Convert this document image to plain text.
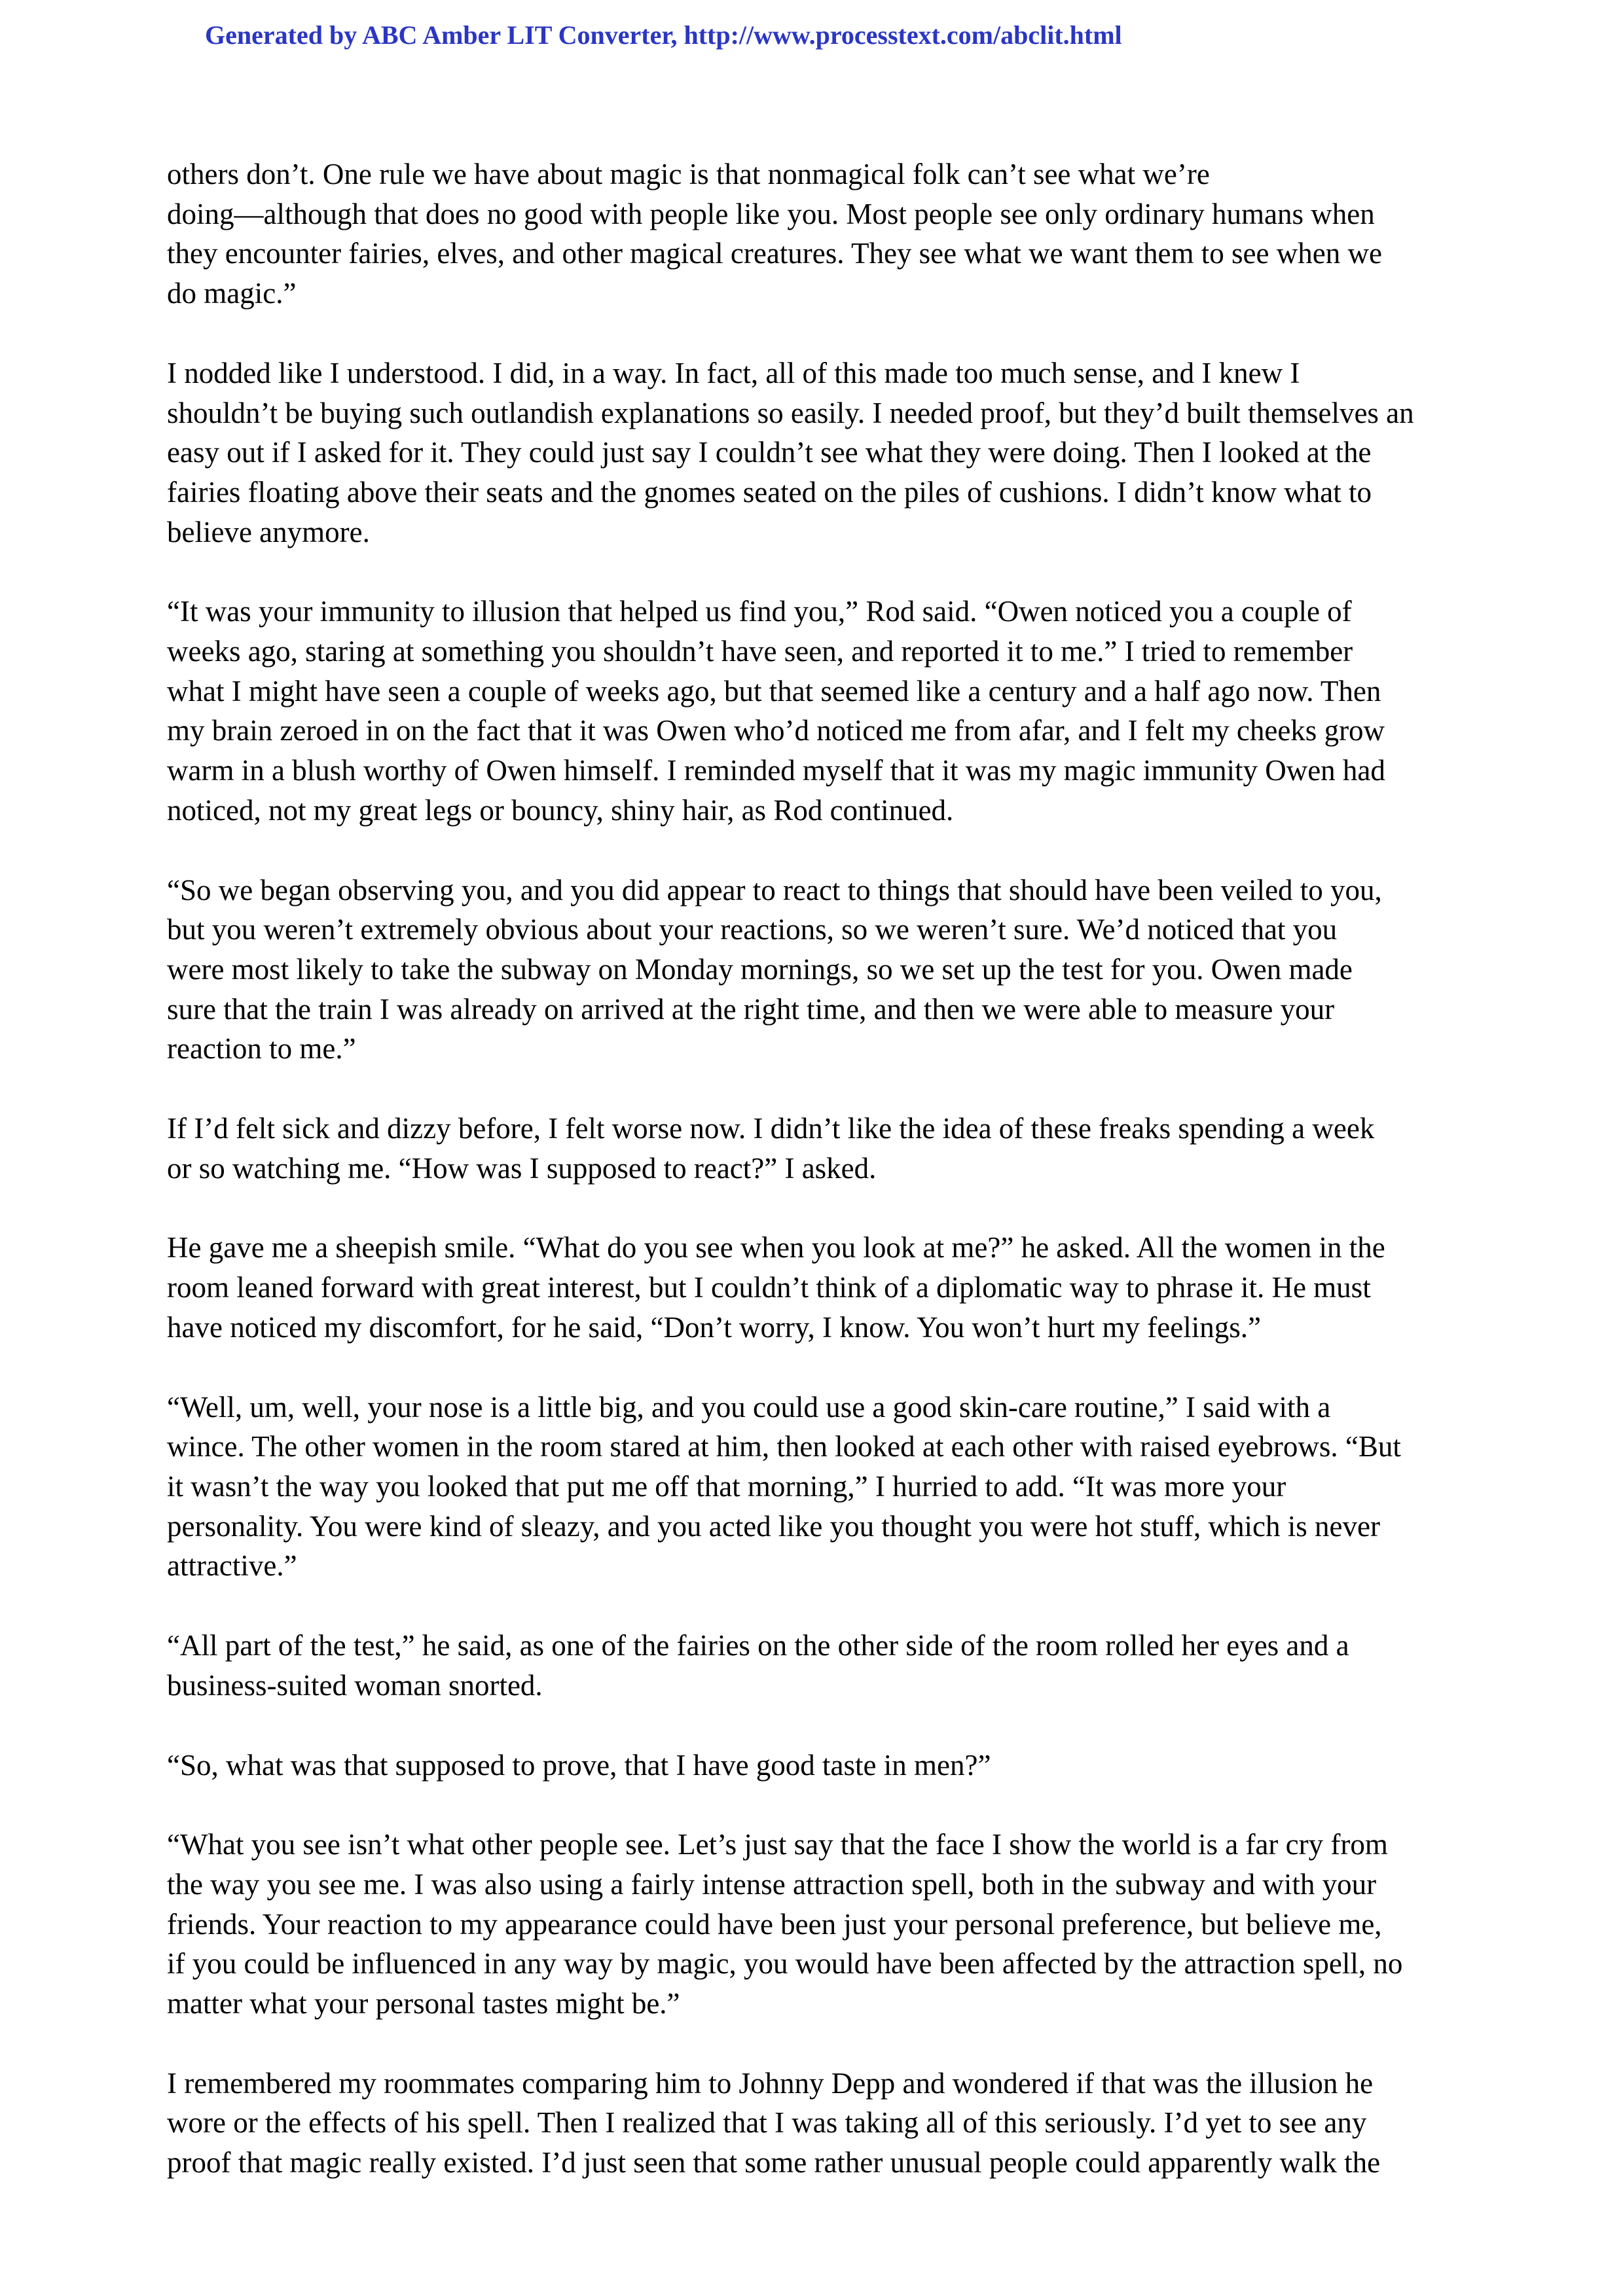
Generated by ABC Amber LIT Converter, http://www.processtext.com/abclit.html
others don’t. One rule we have about magic is that nonmagical folk can’t see what we’re
doing—although that does no good with people like you. Most people see only ordinary humans when
they encounter fairies, elves, and other magical creatures. They see what we want them to see when we
do magic.”
I nodded like I understood. I did, in a way. In fact, all of this made too much sense, and I knew I
shouldn’t be buying such outlandish explanations so easily. I needed proof, but they’d built themselves an
easy out if I asked for it. They could just say I couldn’t see what they were doing. Then I looked at the
fairies floating above their seats and the gnomes seated on the piles of cushions. I didn’t know what to
believe anymore.
“It was your immunity to illusion that helped us find you,” Rod said. “Owen noticed you a couple of
weeks ago, staring at something you shouldn’t have seen, and reported it to me.” I tried to remember
what I might have seen a couple of weeks ago, but that seemed like a century and a half ago now. Then
my brain zeroed in on the fact that it was Owen who’d noticed me from afar, and I felt my cheeks grow
warm in a blush worthy of Owen himself. I reminded myself that it was my magic immunity Owen had
noticed, not my great legs or bouncy, shiny hair, as Rod continued.
“So we began observing you, and you did appear to react to things that should have been veiled to you,
but you weren’t extremely obvious about your reactions, so we weren’t sure. We’d noticed that you
were most likely to take the subway on Monday mornings, so we set up the test for you. Owen made
sure that the train I was already on arrived at the right time, and then we were able to measure your
reaction to me.”
If I’d felt sick and dizzy before, I felt worse now. I didn’t like the idea of these freaks spending a week
or so watching me. “How was I supposed to react?” I asked.
He gave me a sheepish smile. “What do you see when you look at me?” he asked. All the women in the
room leaned forward with great interest, but I couldn’t think of a diplomatic way to phrase it. He must
have noticed my discomfort, for he said, “Don’t worry, I know. You won’t hurt my feelings.”
“Well, um, well, your nose is a little big, and you could use a good skin-care routine,” I said with a
wince. The other women in the room stared at him, then looked at each other with raised eyebrows. “But
it wasn’t the way you looked that put me off that morning,” I hurried to add. “It was more your
personality. You were kind of sleazy, and you acted like you thought you were hot stuff, which is never
attractive.”
“All part of the test,” he said, as one of the fairies on the other side of the room rolled her eyes and a
business-suited woman snorted.
“So, what was that supposed to prove, that I have good taste in men?”
“What you see isn’t what other people see. Let’s just say that the face I show the world is a far cry from
the way you see me. I was also using a fairly intense attraction spell, both in the subway and with your
friends. Your reaction to my appearance could have been just your personal preference, but believe me,
if you could be influenced in any way by magic, you would have been affected by the attraction spell, no
matter what your personal tastes might be.”
I remembered my roommates comparing him to Johnny Depp and wondered if that was the illusion he
wore or the effects of his spell. Then I realized that I was taking all of this seriously. I’d yet to see any
proof that magic really existed. I’d just seen that some rather unusual people could apparently walk the
